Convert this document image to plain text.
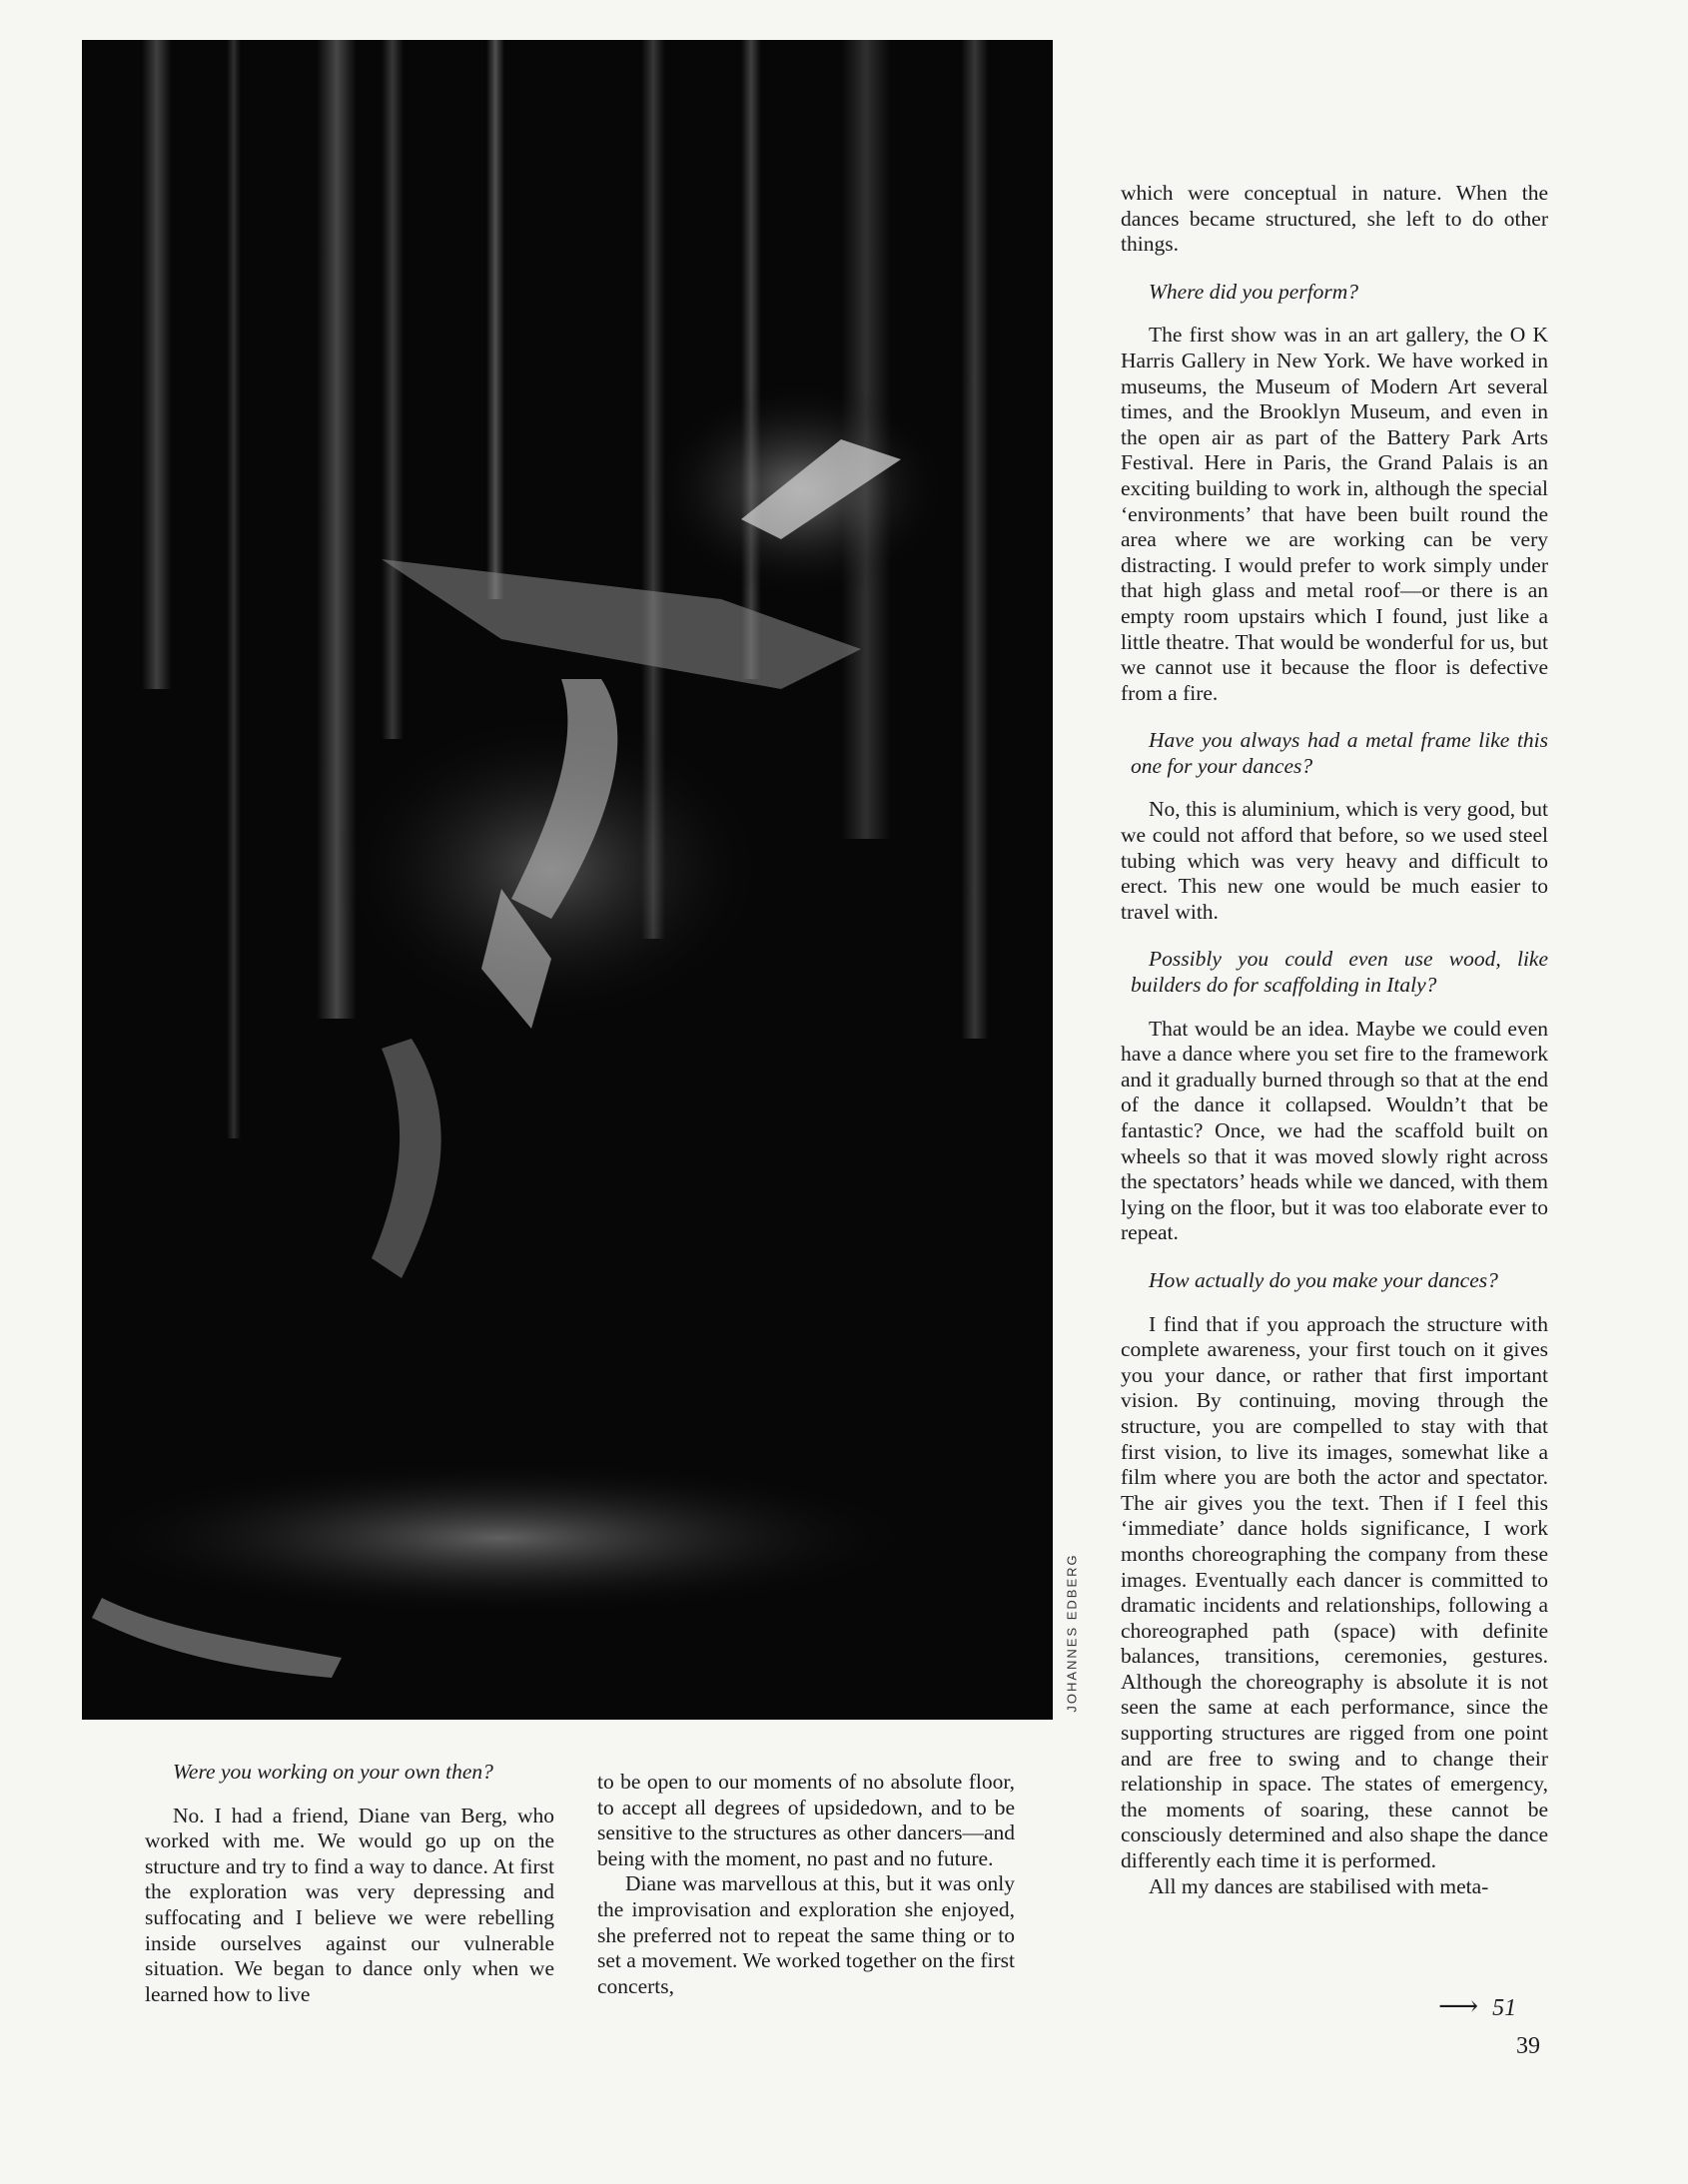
JOHANNES EDBERG

Were you working on your own then?

No. I had a friend, Diane van Berg, who worked with me. We would go up on the structure and try to find a way to dance. At first the exploration was very depressing and suffocating and I believe we were rebelling inside ourselves against our vulnerable situation. We began to dance only when we learned how to live

to be open to our moments of no absolute floor, to accept all degrees of upsidedown, and to be sensitive to the structures as other dancers—and being with the moment, no past and no future.

Diane was marvellous at this, but it was only the improvisation and exploration she enjoyed, she preferred not to repeat the same thing or to set a movement. We worked together on the first concerts,

which were conceptual in nature. When the dances became structured, she left to do other things.

Where did you perform?

The first show was in an art gallery, the O K Harris Gallery in New York. We have worked in museums, the Museum of Modern Art several times, and the Brooklyn Museum, and even in the open air as part of the Battery Park Arts Festival. Here in Paris, the Grand Palais is an exciting building to work in, although the special ‘environments’ that have been built round the area where we are working can be very distracting. I would prefer to work simply under that high glass and metal roof—or there is an empty room upstairs which I found, just like a little theatre. That would be wonderful for us, but we cannot use it because the floor is defective from a fire.

Have you always had a metal frame like this one for your dances?

No, this is aluminium, which is very good, but we could not afford that before, so we used steel tubing which was very heavy and difficult to erect. This new one would be much easier to travel with.

Possibly you could even use wood, like builders do for scaffolding in Italy?

That would be an idea. Maybe we could even have a dance where you set fire to the framework and it gradually burned through so that at the end of the dance it collapsed. Wouldn’t that be fantastic? Once, we had the scaffold built on wheels so that it was moved slowly right across the spectators’ heads while we danced, with them lying on the floor, but it was too elaborate ever to repeat.

How actually do you make your dances?

I find that if you approach the structure with complete awareness, your first touch on it gives you your dance, or rather that first important vision. By continuing, moving through the structure, you are compelled to stay with that first vision, to live its images, somewhat like a film where you are both the actor and spectator. The air gives you the text. Then if I feel this ‘immediate’ dance holds significance, I work months choreographing the company from these images. Eventually each dancer is committed to dramatic incidents and relationships, following a choreographed path (space) with definite balances, transitions, ceremonies, gestures. Although the choreography is absolute it is not seen the same at each performance, since the supporting structures are rigged from one point and are free to swing and to change their relationship in space. The states of emergency, the moments of soaring, these cannot be consciously determined and also shape the dance differently each time it is performed.

All my dances are stabilised with meta-

⟶ 51
39
